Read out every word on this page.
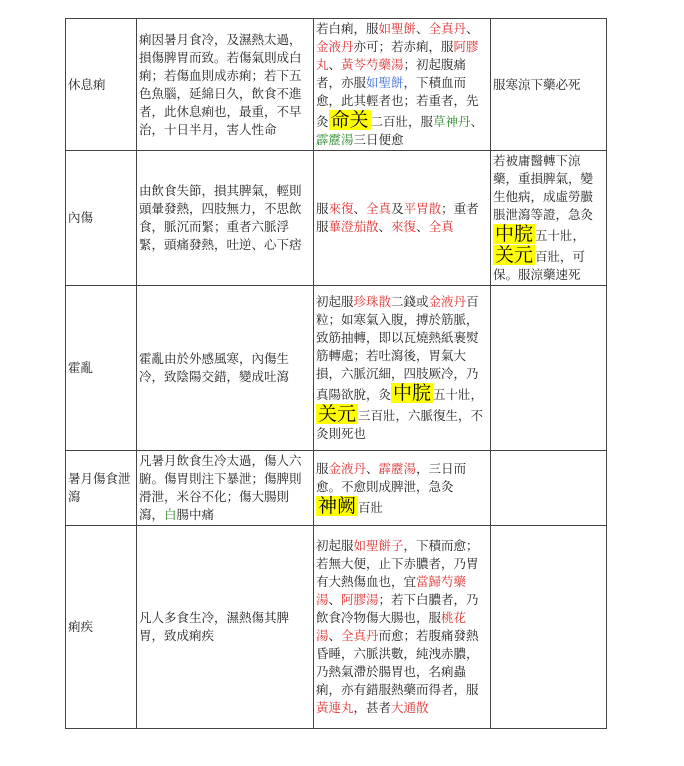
休息痢	痢因暑月食冷，及濕熱太過，損傷脾胃而致。若傷氣則成白痢；若傷血則成赤痢；若下五色魚腦，延綿日久，飲食不進者，此休息痢也，最重，不早治，十日半月，害人性命	若白痢，服如聖餅、全真丹、金液丹亦可；若赤痢，服阿膠丸、黃芩芍藥湯；初起腹痛者，亦服如聖餅，下積血而愈，此其輕者也；若重者，先灸 命关 二百壯，服草神丹、霹靂湯三日便愈	服寒涼下藥必死
內傷	由飲食失節，損其脾氣，輕則頭暈發熱，四肢無力，不思飲食，脈沉而緊；重者六脈浮緊，頭痛發熱，吐逆、心下痞	服來復、全真及平胃散；重者服蓽澄茄散、來復、全真	若被庸醫轉下涼藥，重損脾氣，變生他病，成虛勞臌脹泄瀉等證，急灸中脘 五十壯，关元 百壯，可保。服涼藥速死
霍亂	霍亂由於外感風寒，內傷生冷，致陰陽交錯，變成吐瀉	初起服珍珠散二錢或金液丹百粒；如寒氣入腹，搏於筋脈，致筋抽轉，即以瓦燒熱紙裹熨筋轉處；若吐瀉後，胃氣大損，六脈沉細，四肢厥冷，乃真陽欲脫，灸 中脘 五十壯，关元 三百壯，六脈復生，不灸則死也	
暑月傷食泄瀉	凡暑月飲食生冷太過，傷人六腑。傷胃則注下暴泄；傷脾則滑泄，米谷不化；傷大腸則瀉，白腸中痛	服金液丹、霹靂湯，三日而愈。不愈則成脾泄，急灸神阙 百壯	
痢疾	凡人多食生冷，濕熱傷其脾胃，致成痢疾	初起服如聖餅子，下積而愈；若無大便，止下赤膿者，乃胃有大熱傷血也，宜當歸芍藥湯、阿膠湯；若下白膿者，乃飲食冷物傷大腸也，服桃花湯、全真丹而愈；若腹痛發熱昏睡，六脈洪數，純洩赤膿，乃熱氣滯於腸胃也，名痢蟲痢，亦有錯服熱藥而得者，服黃連丸，甚者大通散	
